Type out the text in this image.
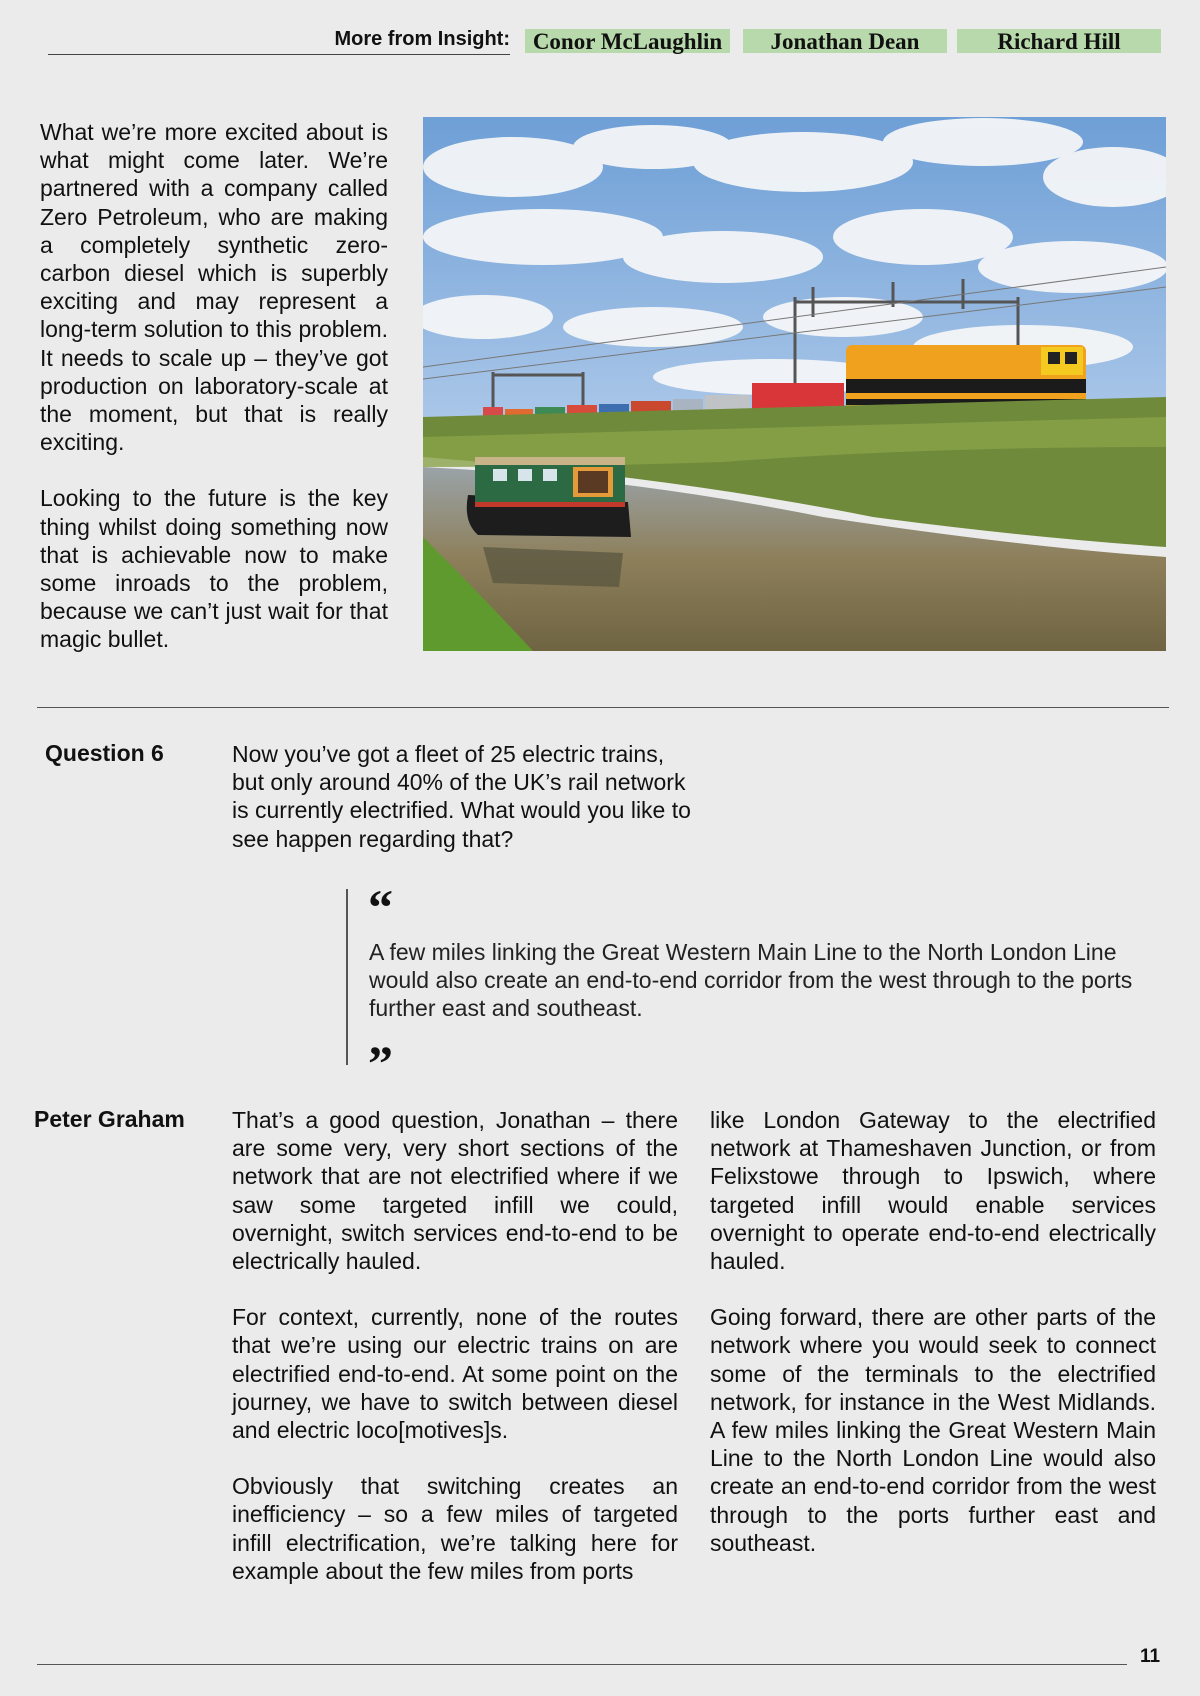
More from Insight: Conor McLaughlin	Jonathan Dean	Richard Hill

What we’re more excited about is what might come later. We’re partnered with a company called Zero Petroleum, who are making a completely synthetic zero-carbon diesel which is superbly exciting and may represent a long-term solution to this problem. It needs to scale up – they’ve got production on laboratory-scale at the moment, but that is really exciting.

Looking to the future is the key thing whilst doing something now that is achievable now to make some inroads to the problem, because we can’t just wait for that magic bullet.

Question 6	Now you’ve got a fleet of 25 electric trains, but only around 40% of the UK’s rail network is currently electrified. What would you like to see happen regarding that?
“
A few miles linking the Great Western Main Line to the North London Line would also create an end-to-end corridor from the west through to the ports further east and southeast.
”
Peter Graham That’s a good question, Jonathan – there are some very, very short sections of the network that are not electrified where if we saw some targeted infill we could, overnight, switch services end-to-end to be electrically hauled.

For context, currently, none of the routes that we’re using our electric trains on are electrified end-to-end. At some point on the journey, we have to switch between diesel and electric loco[motives]s.

Obviously that switching creates an inefficiency – so a few miles of targeted infill electrification, we’re talking here for example about the few miles from ports

like London Gateway to the electrified network at Thameshaven Junction, or from Felixstowe through to Ipswich, where targeted infill would enable services overnight to operate end-to-end electrically hauled.

Going forward, there are other parts of the network where you would seek to connect some of the terminals to the electrified network, for instance in the West Midlands. A few miles linking the Great Western Main Line to the North London Line would also create an end-to-end corridor from the west through to the ports further east and southeast.

11
